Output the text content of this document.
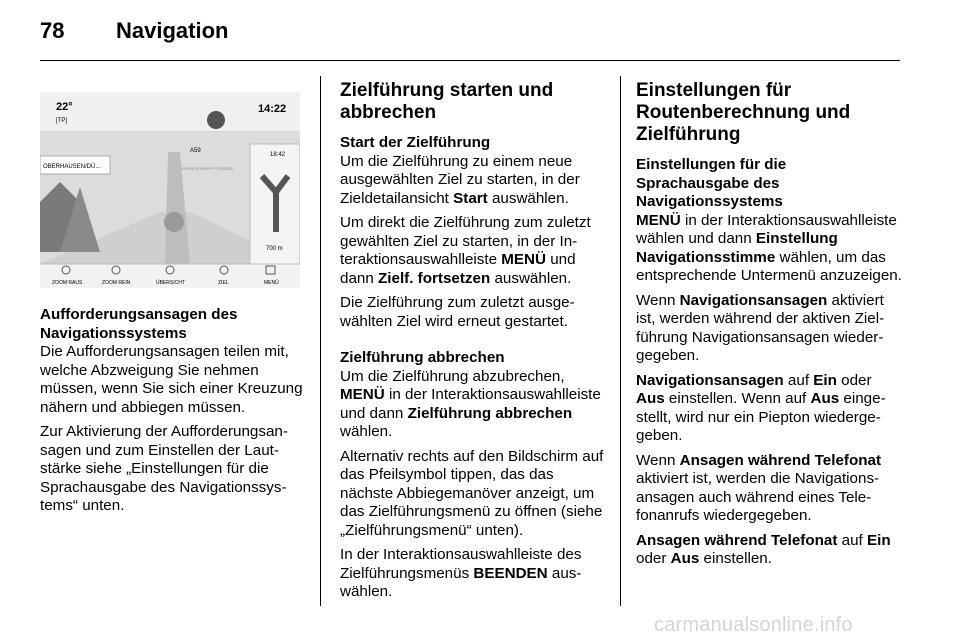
78 Navigation
22°
[TP]
14:22
OBERHAUSEN/DÜ...
A59
18:42
700 m
THYSSEN KRUPP STRASSE
ZOOM RAUS	ZOOM REIN	ÜBERSICHT	ZIEL	MENÜ
Aufforderungsansagen des Navigationssystems

Die Aufforderungsansagen teilen mit, welche Abzweigung Sie nehmen müssen, wenn Sie sich einer Kreuzung nähern und abbiegen müssen.

Zur Aktivierung der Aufforderungsansagen und zum Einstellen der Lautstärke siehe „Einstellungen für die Sprachausgabe des Navigationssystems“ unten.

Zielführung starten und abbrechen
Start der Zielführung

Um die Zielführung zu einem neue ausgewählten Ziel zu starten, in der Zieldetailansicht Start auswählen.

Um direkt die Zielführung zum zuletzt gewählten Ziel zu starten, in der Interaktionsauswahlleiste MENÜ und dann Zielf. fortsetzen auswählen.

Die Zielführung zum zuletzt ausgewählten Ziel wird erneut gestartet.

Zielführung abbrechen

Um die Zielführung abzubrechen, MENÜ in der Interaktionsauswahlleiste und dann Zielführung abbrechen wählen.

Alternativ rechts auf den Bildschirm auf das Pfeilsymbol tippen, das das nächste Abbiegemanöver anzeigt, um das Zielführungsmenü zu öffnen (siehe „Zielführungsmenü“ unten).

In der Interaktionsauswahlleiste des Zielführungsmenüs BEENDEN auswählen.

Einstellungen für Routenberechnung und Zielführung
Einstellungen für die Sprachausgabe des Navigationssystems

MENÜ in der Interaktionsauswahlleiste wählen und dann Einstellung Navigationsstimme wählen, um das entsprechende Untermenü anzuzeigen.

Wenn Navigationsansagen aktiviert ist, werden während der aktiven Zielführung Navigationsansagen wiedergegeben.

Navigationsansagen auf Ein oder Aus einstellen. Wenn auf Aus eingestellt, wird nur ein Piepton wiedergegeben.

Wenn Ansagen während Telefonat aktiviert ist, werden die Navigationsansagen auch während eines Telefonanrufs wiedergegeben.

Ansagen während Telefonat auf Ein oder Aus einstellen.

carmanualsonline.info
